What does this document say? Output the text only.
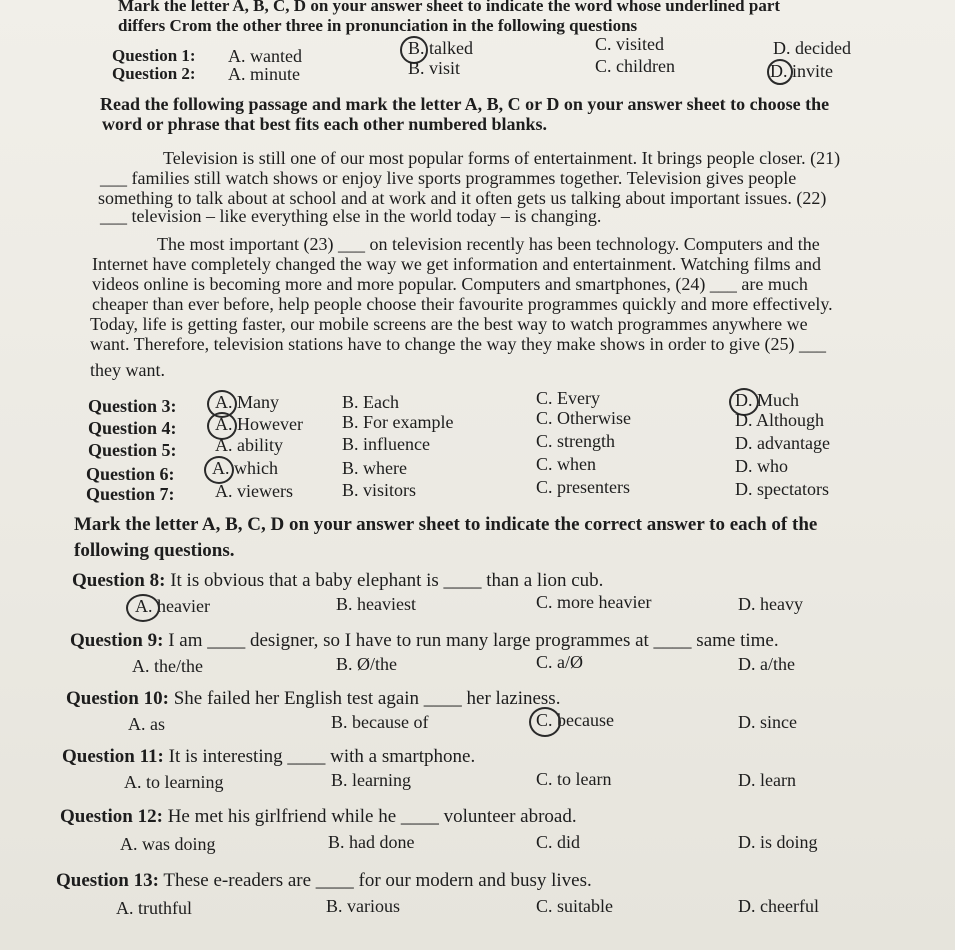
Mark the letter A, B, C, D on your answer sheet to indicate the word whose underlined part
differs Crom the other three in pronunciation in the following questions
Question 1: A. wanted	B. talked	C. visited	D. decided
Question 2: A. minute	B. visit	C. children	D. invite
Read the following passage and mark the letter A, B, C or D on your answer sheet to choose the
word or phrase that best fits each other numbered blanks.
Television is still one of our most popular forms of entertainment. It brings people closer. (21)
___ families still watch shows or enjoy live sports programmes together. Television gives people
something to talk about at school and at work and it often gets us talking about important issues. (22)
___ television – like everything else in the world today – is changing.
The most important (23) ___ on television recently has been technology. Computers and the
Internet have completely changed the way we get information and entertainment. Watching films and
videos online is becoming more and more popular. Computers and smartphones, (24) ___ are much
cheaper than ever before, help people choose their favourite programmes quickly and more effectively.
Today, life is getting faster, our mobile screens are the best way to watch programmes anywhere we
want. Therefore, television stations have to change the way they make shows in order to give (25) ___
they want.
Question 3: A. Many	B. Each	C. Every	D. Much
Question 4: A. However B. For example	C. Otherwise	D. Although
Question 5: A. ability	B. influence	C. strength	D. advantage
Question 6: A. which	B. where	C. when	D. who
Question 7: A. viewers	B. visitors	C. presenters	D. spectators
Mark the letter A, B, C, D on your answer sheet to indicate the correct answer to each of the
following questions.
Question 8: It is obvious that a baby elephant is ____ than a lion cub.
A. heavier	B. heaviest	C. more heavier	D. heavy
Question 9: I am ____ designer, so I have to run many large programmes at ____ same time.
A. the/the	B. Ø/the	C. a/Ø	D. a/the
Question 10: She failed her English test again ____ her laziness.
A. as	B. because of	C. because	D. since
Question 11: It is interesting ____ with a smartphone.
A. to learning	B. learning	C. to learn	D. learn
Question 12: He met his girlfriend while he ____ volunteer abroad.
A. was doing	B. had done	C. did	D. is doing
Question 13: These e-readers are ____ for our modern and busy lives.
A. truthful	B. various	C. suitable	D. cheerful
